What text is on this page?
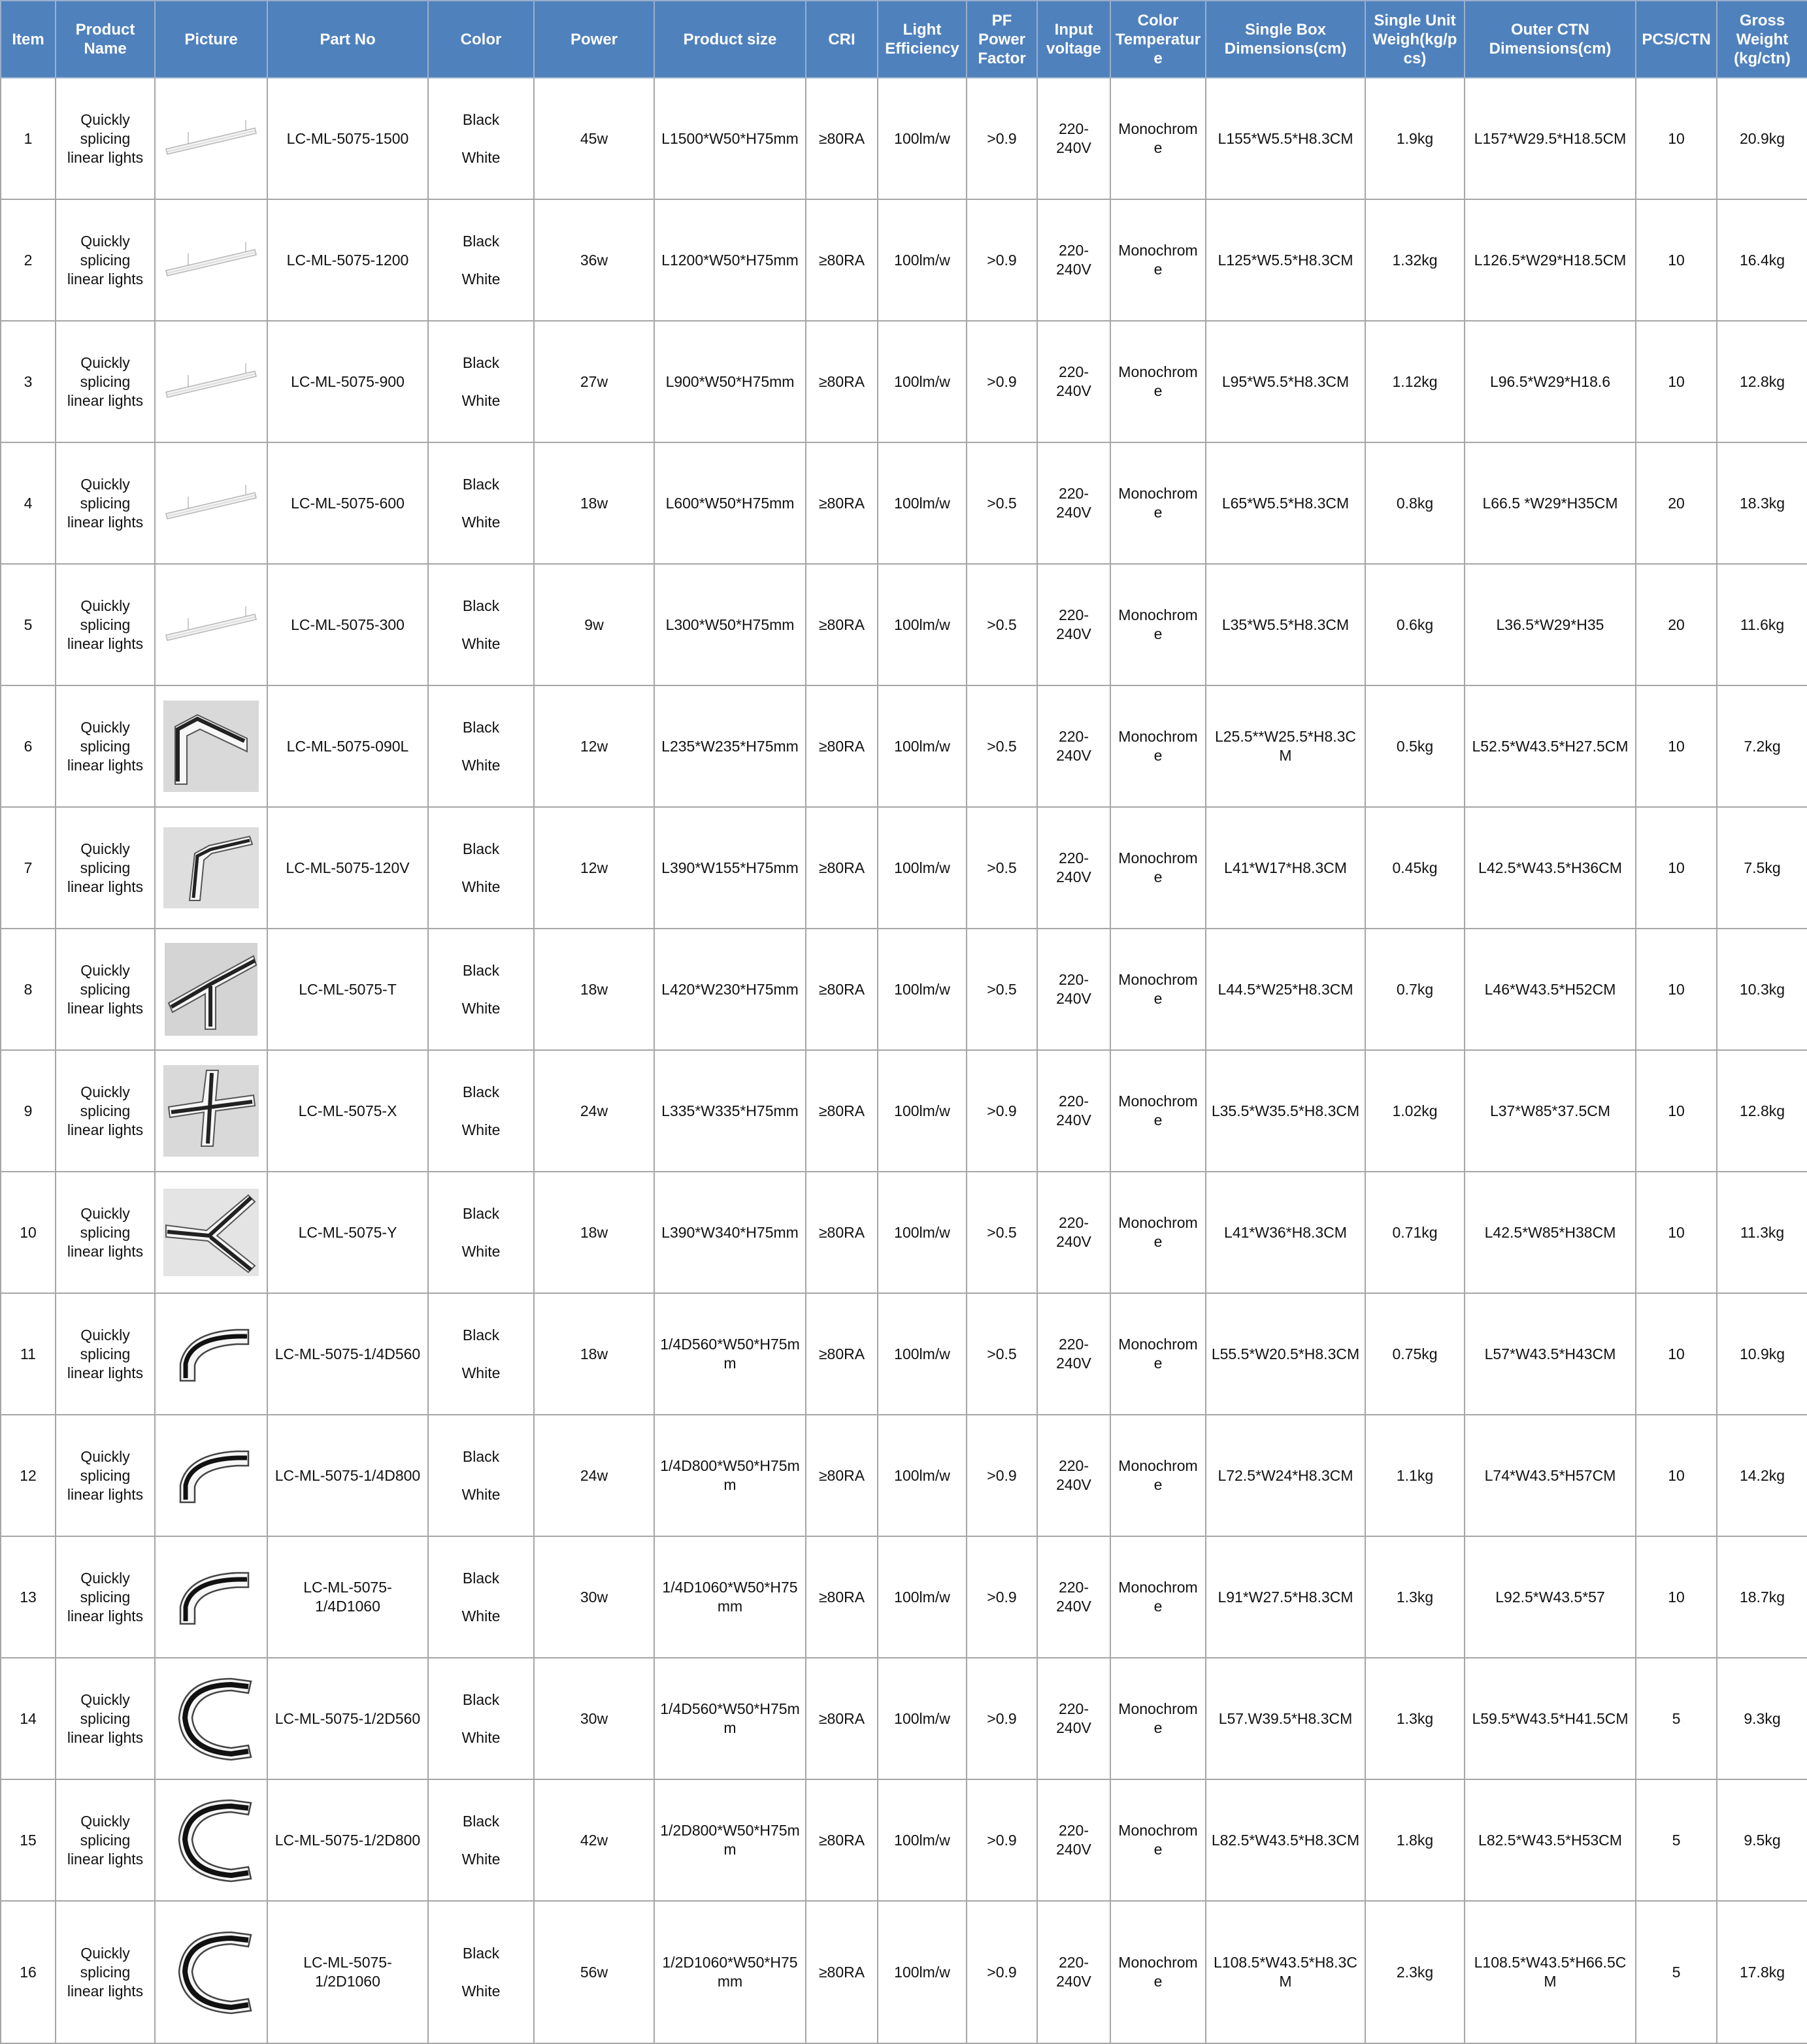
Item	Product Name	Picture	Part No	Color	Power	Product size	CRI	Light Efficiency	PF Power Factor	Input voltage	Color Temperature	Single Box Dimensions(cm)	Single Unit Weigh(kg/pcs)	Outer CTN Dimensions(cm)	PCS/CTN	Gross Weight (kg/ctn)
1	Quickly splicing linear lights		LC-ML-5075-1500	Black
White	45w	L1500*W50*H75mm	≥80RA	100lm/w	>0.9	220-240V	Monochrome	L155*W5.5*H8.3CM	1.9kg	L157*W29.5*H18.5CM	10	20.9kg
2	Quickly splicing linear lights		LC-ML-5075-1200	Black
White	36w	L1200*W50*H75mm	≥80RA	100lm/w	>0.9	220-240V	Monochrome	L125*W5.5*H8.3CM	1.32kg	L126.5*W29*H18.5CM	10	16.4kg
3	Quickly splicing linear lights		LC-ML-5075-900	Black
White	27w	L900*W50*H75mm	≥80RA	100lm/w	>0.9	220-240V	Monochrome	L95*W5.5*H8.3CM	1.12kg	L96.5*W29*H18.6	10	12.8kg
4	Quickly splicing linear lights		LC-ML-5075-600	Black
White	18w	L600*W50*H75mm	≥80RA	100lm/w	>0.5	220-240V	Monochrome	L65*W5.5*H8.3CM	0.8kg	L66.5 *W29*H35CM	20	18.3kg
5	Quickly splicing linear lights		LC-ML-5075-300	Black
White	9w	L300*W50*H75mm	≥80RA	100lm/w	>0.5	220-240V	Monochrome	L35*W5.5*H8.3CM	0.6kg	L36.5*W29*H35	20	11.6kg
6	Quickly splicing linear lights		LC-ML-5075-090L	Black
White	12w	L235*W235*H75mm	≥80RA	100lm/w	>0.5	220-240V	Monochrome	L25.5**W25.5*H8.3CM	0.5kg	L52.5*W43.5*H27.5CM	10	7.2kg
7	Quickly splicing linear lights		LC-ML-5075-120V	Black
White	12w	L390*W155*H75mm	≥80RA	100lm/w	>0.5	220-240V	Monochrome	L41*W17*H8.3CM	0.45kg	L42.5*W43.5*H36CM	10	7.5kg
8	Quickly splicing linear lights		LC-ML-5075-T	Black
White	18w	L420*W230*H75mm	≥80RA	100lm/w	>0.5	220-240V	Monochrome	L44.5*W25*H8.3CM	0.7kg	L46*W43.5*H52CM	10	10.3kg
9	Quickly splicing linear lights		LC-ML-5075-X	Black
White	24w	L335*W335*H75mm	≥80RA	100lm/w	>0.9	220-240V	Monochrome	L35.5*W35.5*H8.3CM	1.02kg	L37*W85*37.5CM	10	12.8kg
10	Quickly splicing linear lights		LC-ML-5075-Y	Black
White	18w	L390*W340*H75mm	≥80RA	100lm/w	>0.5	220-240V	Monochrome	L41*W36*H8.3CM	0.71kg	L42.5*W85*H38CM	10	11.3kg
11	Quickly splicing linear lights		LC-ML-5075-1/4D560	Black
White	18w	1/4D560*W50*H75mm	≥80RA	100lm/w	>0.5	220-240V	Monochrome	L55.5*W20.5*H8.3CM	0.75kg	L57*W43.5*H43CM	10	10.9kg
12	Quickly splicing linear lights		LC-ML-5075-1/4D800	Black
White	24w	1/4D800*W50*H75mm	≥80RA	100lm/w	>0.9	220-240V	Monochrome	L72.5*W24*H8.3CM	1.1kg	L74*W43.5*H57CM	10	14.2kg
13	Quickly splicing linear lights		LC-ML-5075-1/4D1060	Black
White	30w	1/4D1060*W50*H75mm	≥80RA	100lm/w	>0.9	220-240V	Monochrome	L91*W27.5*H8.3CM	1.3kg	L92.5*W43.5*57	10	18.7kg
14	Quickly splicing linear lights		LC-ML-5075-1/2D560	Black
White	30w	1/4D560*W50*H75mm	≥80RA	100lm/w	>0.9	220-240V	Monochrome	L57.W39.5*H8.3CM	1.3kg	L59.5*W43.5*H41.5CM	5	9.3kg
15	Quickly splicing linear lights		LC-ML-5075-1/2D800	Black
White	42w	1/2D800*W50*H75mm	≥80RA	100lm/w	>0.9	220-240V	Monochrome	L82.5*W43.5*H8.3CM	1.8kg	L82.5*W43.5*H53CM	5	9.5kg
16	Quickly splicing linear lights		LC-ML-5075-1/2D1060	Black
White	56w	1/2D1060*W50*H75mm	≥80RA	100lm/w	>0.9	220-240V	Monochrome	L108.5*W43.5*H8.3CM	2.3kg	L108.5*W43.5*H66.5CM	5	17.8kg
